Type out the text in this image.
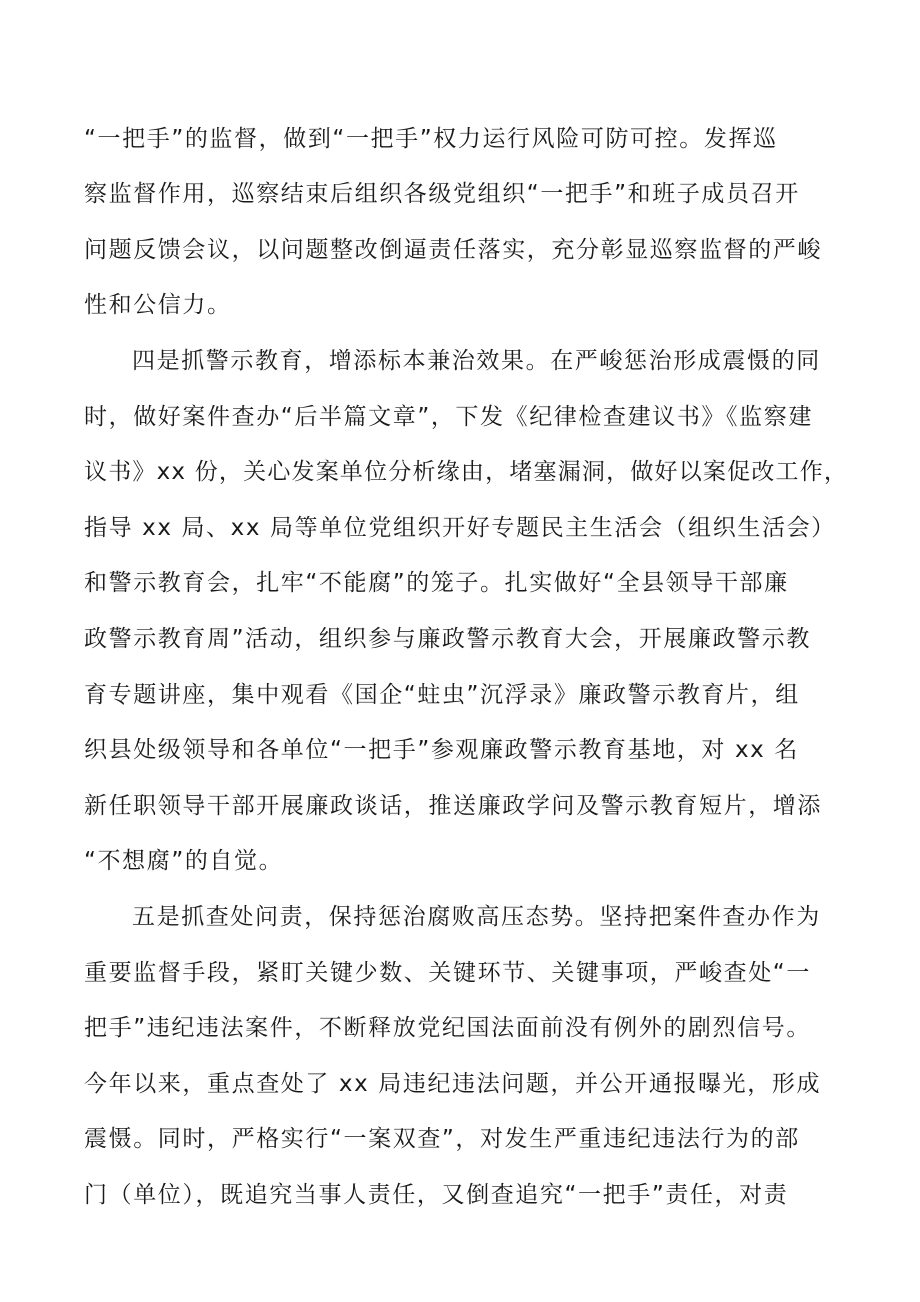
“一把手”的监督，做到“一把手”权力运行风险可防可控。发挥巡
察监督作用，巡察结束后组织各级党组织“一把手”和班子成员召开
问题反馈会议，以问题整改倒逼责任落实，充分彰显巡察监督的严峻
性和公信力。
四是抓警示教育，增添标本兼治效果。在严峻惩治形成震慑的同
时，做好案件查办“后半篇文章”，下发《纪律检查建议书》《监察建
议书》xx 份，关心发案单位分析缘由，堵塞漏洞，做好以案促改工作，
指导 xx 局、xx 局等单位党组织开好专题民主生活会（组织生活会）
和警示教育会，扎牢“不能腐”的笼子。扎实做好“全县领导干部廉
政警示教育周”活动，组织参与廉政警示教育大会，开展廉政警示教
育专题讲座，集中观看《国企“蛀虫”沉浮录》廉政警示教育片，组
织县处级领导和各单位“一把手”参观廉政警示教育基地，对 xx 名
新任职领导干部开展廉政谈话，推送廉政学问及警示教育短片，增添
“不想腐”的自觉。
五是抓查处问责，保持惩治腐败高压态势。坚持把案件查办作为
重要监督手段，紧盯关键少数、关键环节、关键事项，严峻查处“一
把手”违纪违法案件，不断释放党纪国法面前没有例外的剧烈信号。
今年以来，重点查处了 xx 局违纪违法问题，并公开通报曝光，形成
震慑。同时，严格实行“一案双查”，对发生严重违纪违法行为的部
门（单位），既追究当事人责任，又倒查追究“一把手”责任，对责
